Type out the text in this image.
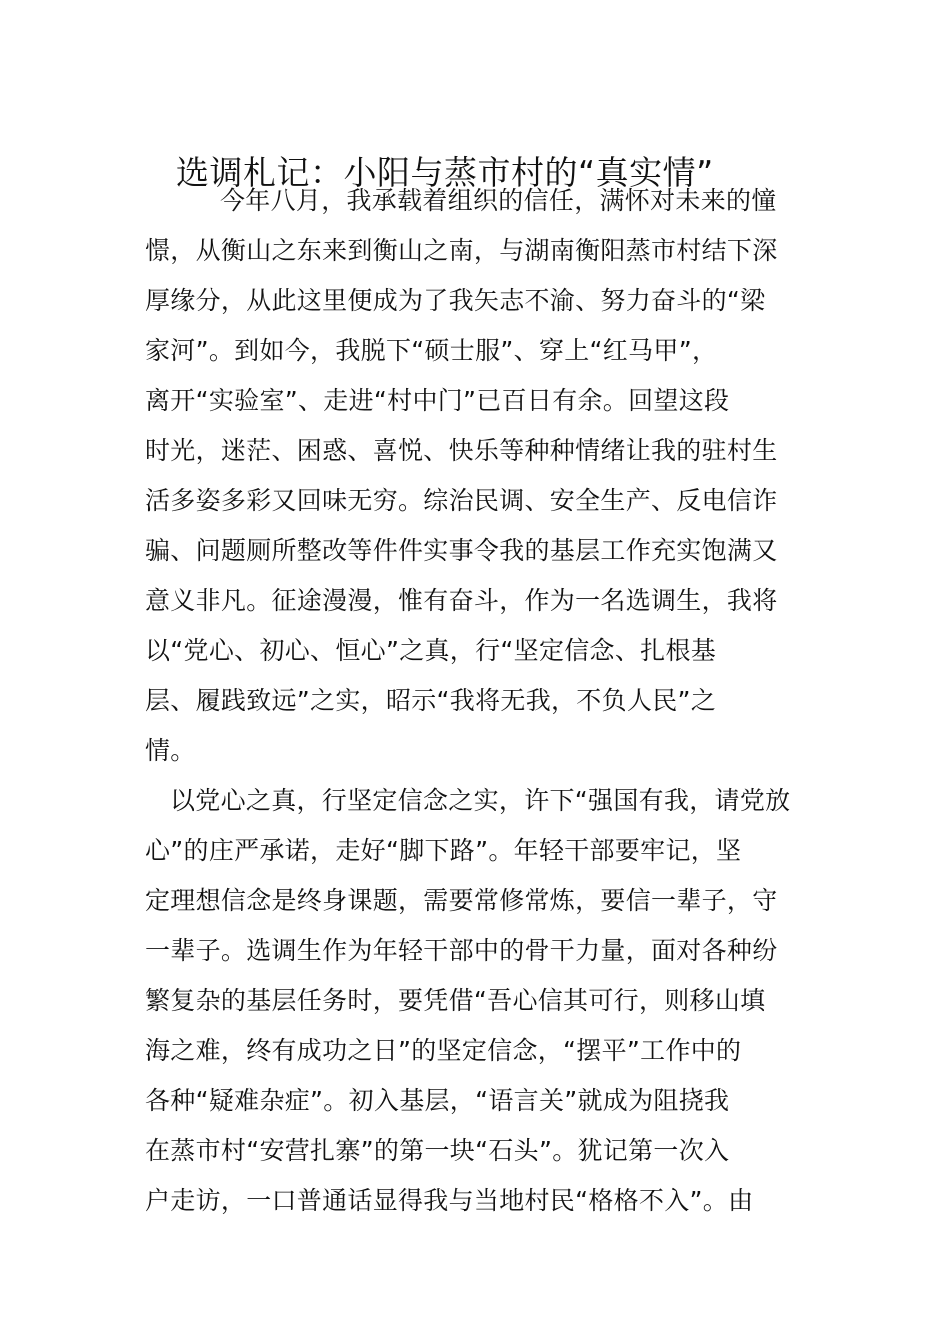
选调札记：小阳与蒸市村的“真实情”
今年八月，我承载着组织的信任，满怀对未来的憧
憬，从衡山之东来到衡山之南，与湖南衡阳蒸市村结下深
厚缘分，从此这里便成为了我矢志不渝、努力奋斗的“梁
家河”。到如今，我脱下“硕士服”、穿上“红马甲”，
离开“实验室”、走进“村中门”已百日有余。回望这段
时光，迷茫、困惑、喜悦、快乐等种种情绪让我的驻村生
活多姿多彩又回味无穷。综治民调、安全生产、反电信诈
骗、问题厕所整改等件件实事令我的基层工作充实饱满又
意义非凡。征途漫漫，惟有奋斗，作为一名选调生，我将
以“党心、初心、恒心”之真，行“坚定信念、扎根基
层、履践致远”之实，昭示“我将无我，不负人民”之
情。
以党心之真，行坚定信念之实，许下“强国有我，请党放
心”的庄严承诺，走好“脚下路”。年轻干部要牢记，坚
定理想信念是终身课题，需要常修常炼，要信一辈子，守
一辈子。选调生作为年轻干部中的骨干力量，面对各种纷
繁复杂的基层任务时，要凭借“吾心信其可行，则移山填
海之难，终有成功之日”的坚定信念，“摆平”工作中的
各种“疑难杂症”。初入基层，“语言关”就成为阻挠我
在蒸市村“安营扎寨”的第一块“石头”。犹记第一次入
户走访，一口普通话显得我与当地村民“格格不入”。由
